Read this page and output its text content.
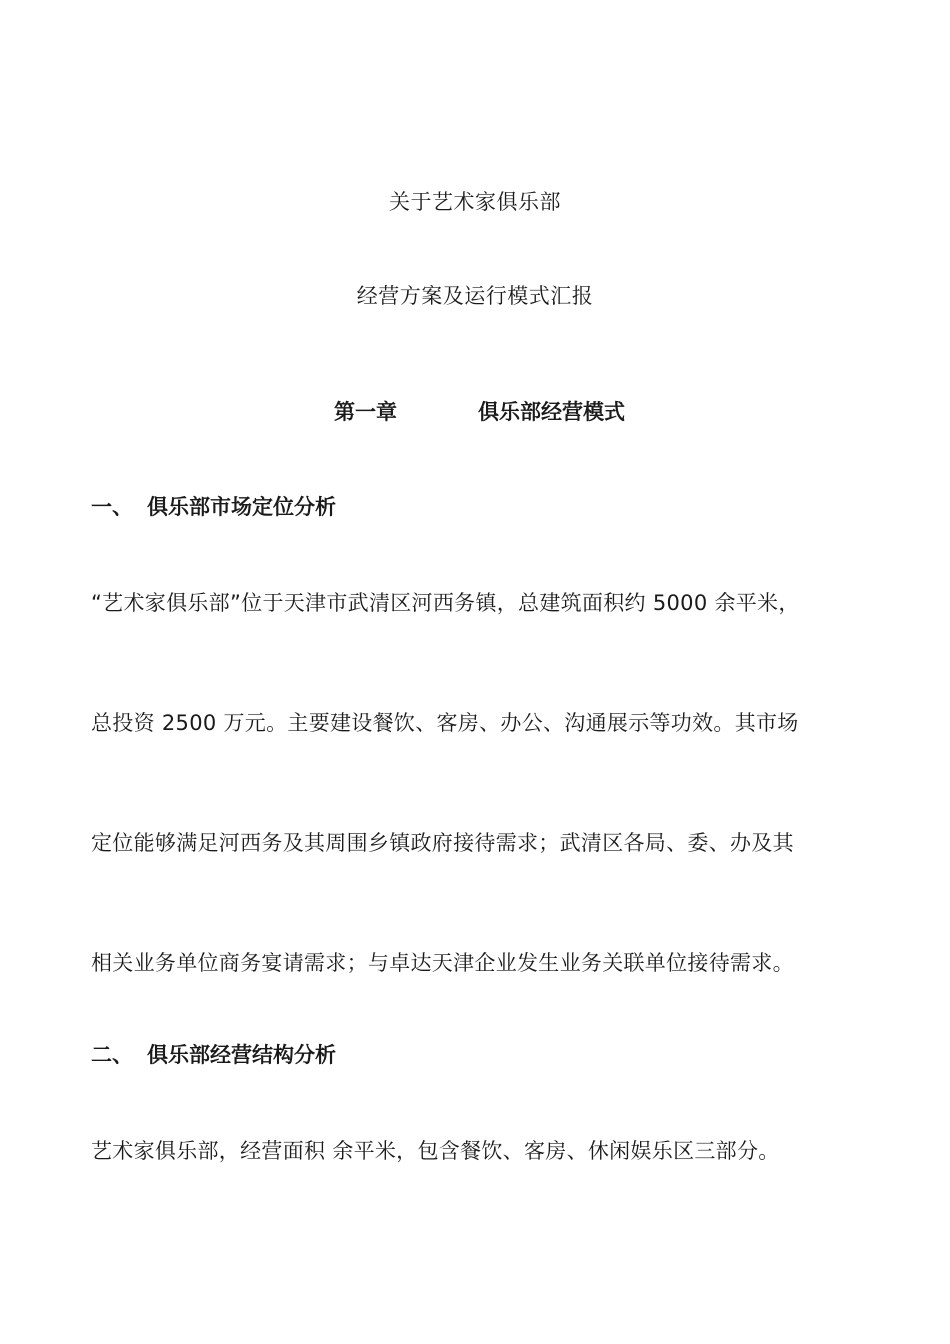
关于艺术家俱乐部
经营方案及运行模式汇报
第一章	俱乐部经营模式
一、 俱乐部市场定位分析
“艺术家俱乐部”位于天津市武清区河西务镇，总建筑面积约 5000 余平米，
总投资 2500 万元。主要建设餐饮、客房、办公、沟通展示等功效。其市场
定位能够满足河西务及其周围乡镇政府接待需求；武清区各局、委、办及其
相关业务单位商务宴请需求；与卓达天津企业发生业务关联单位接待需求。
二、 俱乐部经营结构分析
艺术家俱乐部，经营面积 余平米，包含餐饮、客房、休闲娱乐区三部分。
